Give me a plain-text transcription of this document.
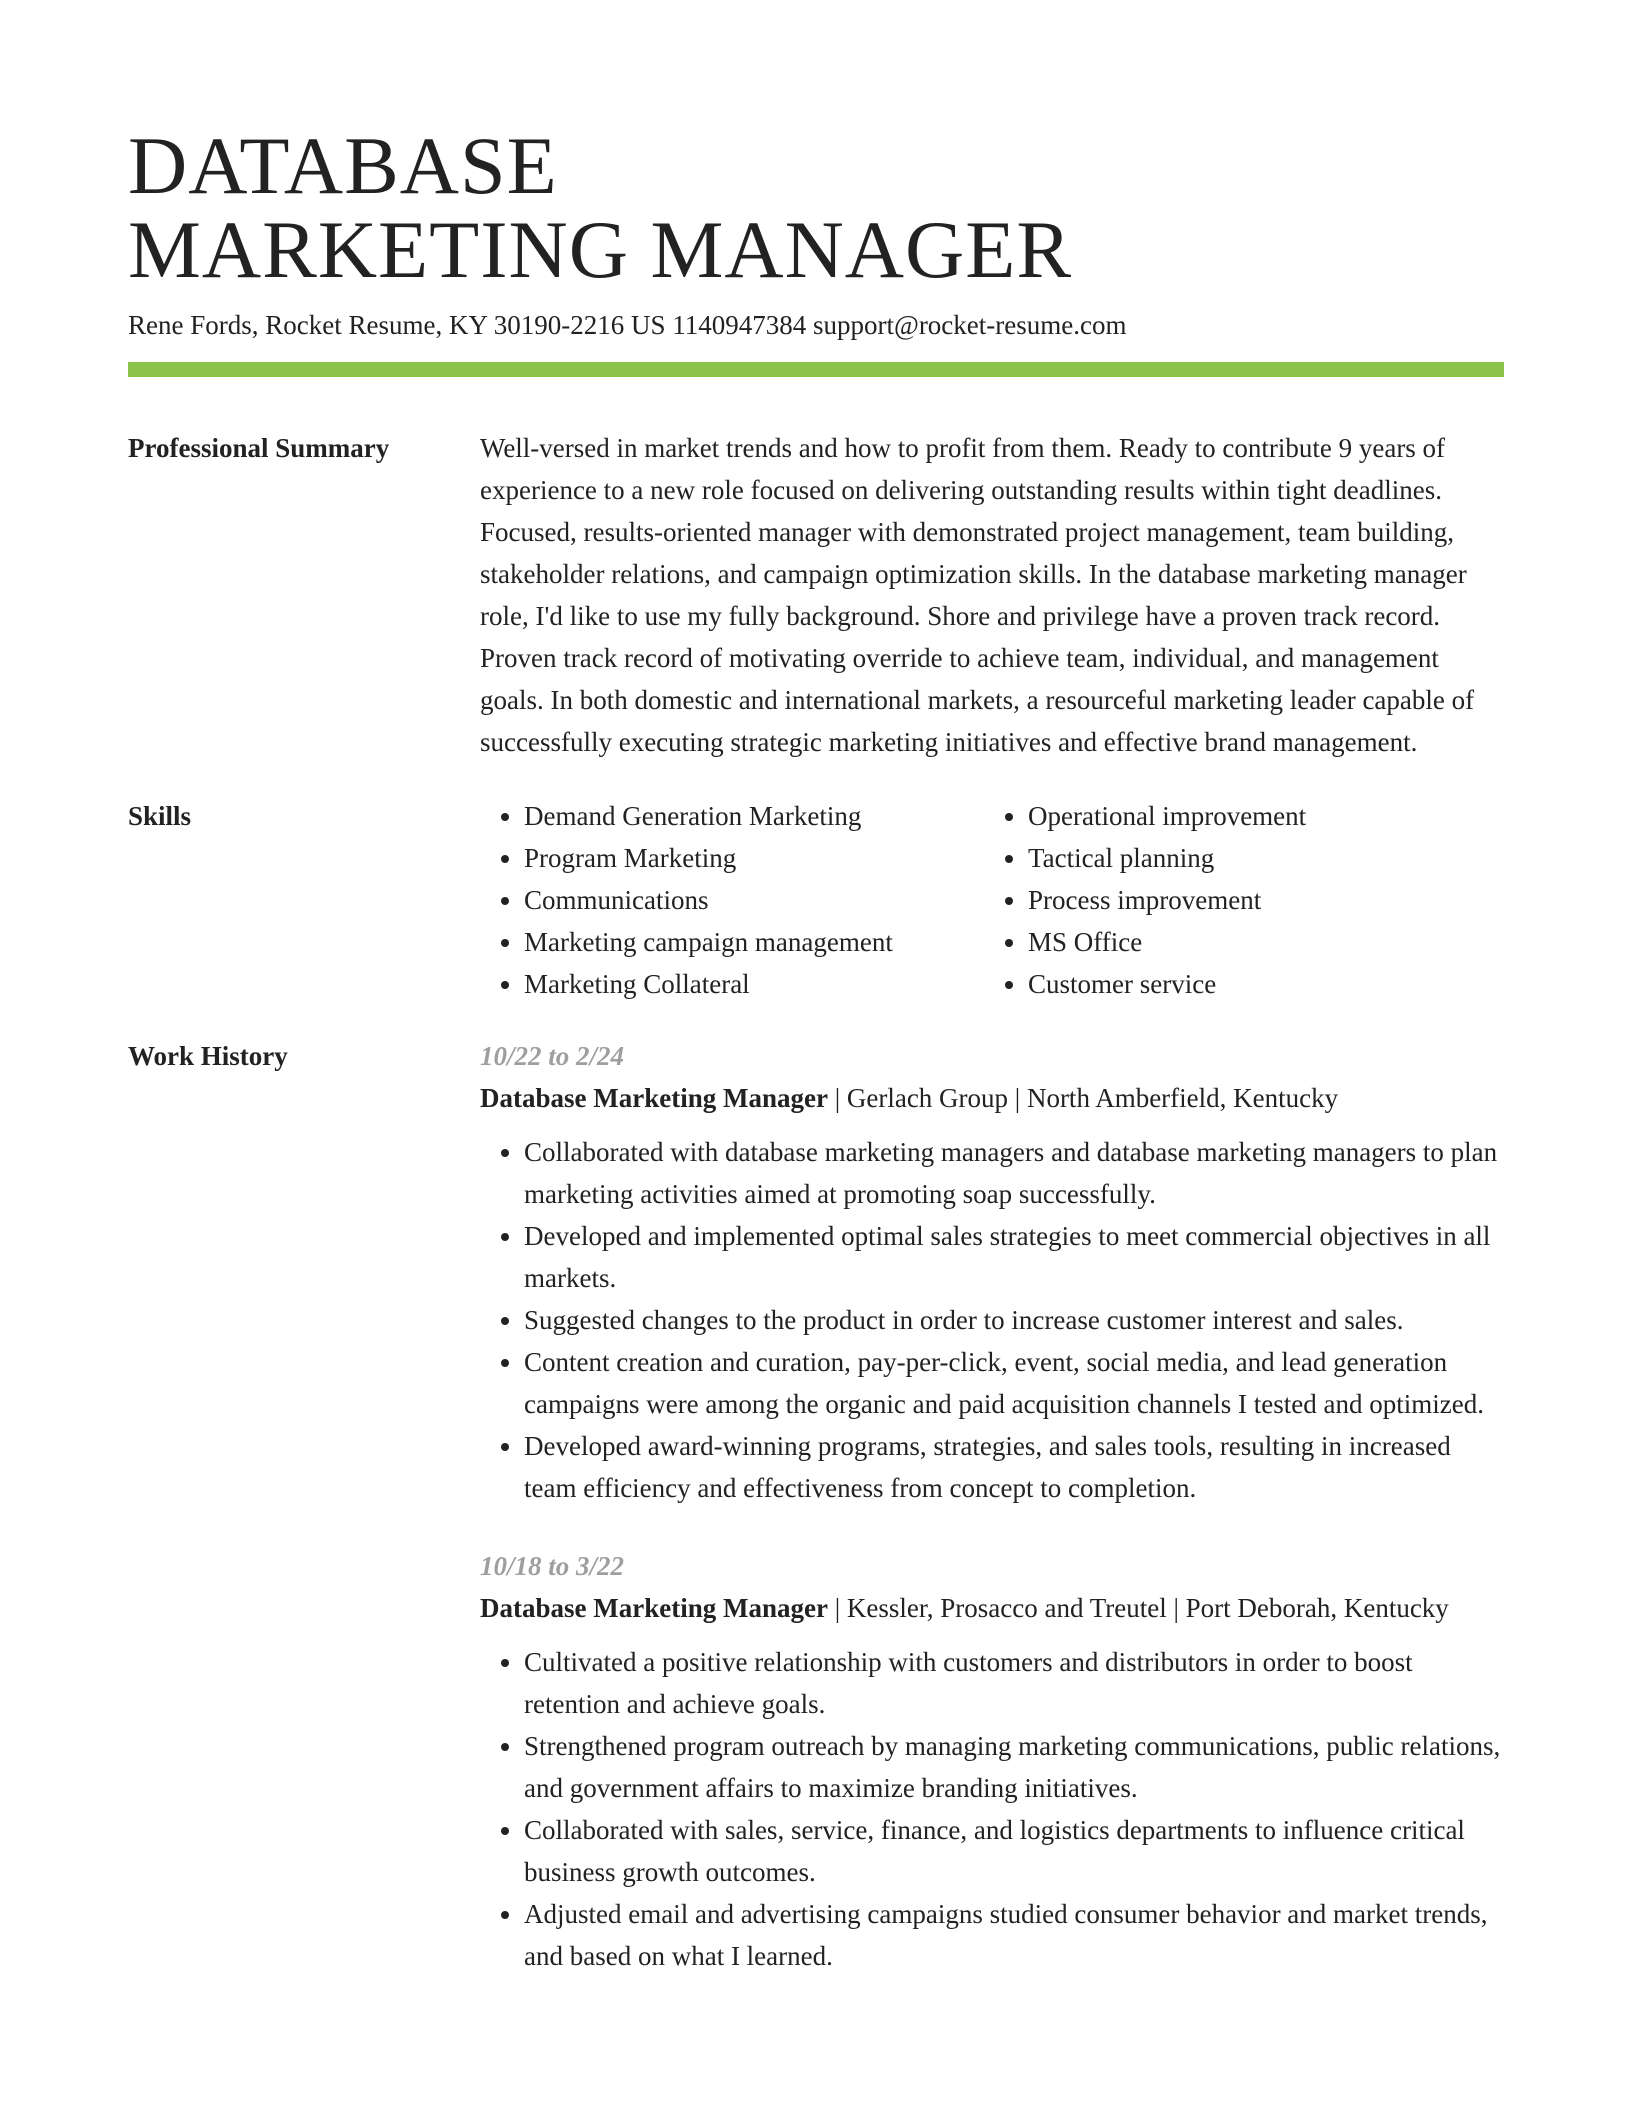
DATABASE
MARKETING MANAGER
Rene Fords, Rocket Resume, KY 30190-2216 US 1140947384 support@rocket-resume.com
Professional Summary	Well-versed in market trends and how to profit from them. Ready to contribute 9 years of experience to a new role focused on delivering outstanding results within tight deadlines. Focused, results-oriented manager with demonstrated project management, team building, stakeholder relations, and campaign optimization skills. In the database marketing manager role, I'd like to use my fully background. Shore and privilege have a proven track record. Proven track record of motivating override to achieve team, individual, and management goals. In both domestic and international markets, a resourceful marketing leader capable of successfully executing strategic marketing initiatives and effective brand management.

Skills
•	Demand Generation Marketing
• Program Marketing
• Communications
• Marketing campaign management
• Marketing Collateral
• Operational improvement
• Tactical planning
• Process improvement
• MS Office
• Customer service
Work History	10/22 to 2/24
Database Marketing Manager | Gerlach Group | North Amberfield, Kentucky
• Collaborated with database marketing managers and database marketing managers to plan marketing activities aimed at promoting soap successfully.
• Developed and implemented optimal sales strategies to meet commercial objectives in all markets.
• Suggested changes to the product in order to increase customer interest and sales.
• Content creation and curation, pay-per-click, event, social media, and lead generation campaigns were among the organic and paid acquisition channels I tested and optimized.
• Developed award-winning programs, strategies, and sales tools, resulting in increased team efficiency and effectiveness from concept to completion.
10/18 to 3/22
Database Marketing Manager | Kessler, Prosacco and Treutel | Port Deborah, Kentucky
• Cultivated a positive relationship with customers and distributors in order to boost retention and achieve goals.
• Strengthened program outreach by managing marketing communications, public relations, and government affairs to maximize branding initiatives.
• Collaborated with sales, service, finance, and logistics departments to influence critical business growth outcomes.
• Adjusted email and advertising campaigns studied consumer behavior and market trends, and based on what I learned.
